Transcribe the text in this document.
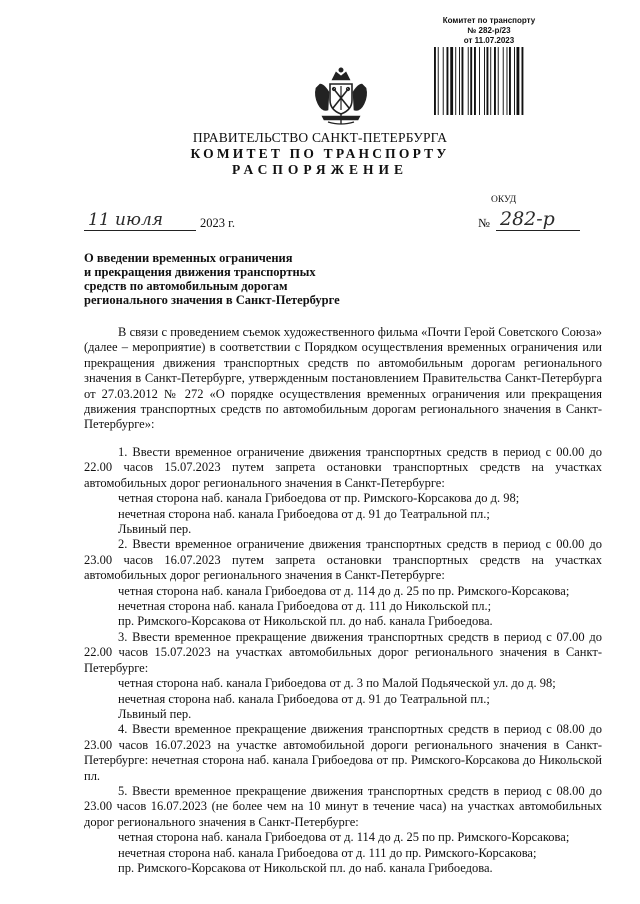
Комитет по транспорту
№ 282-р/23
от 11.07.2023
ПРАВИТЕЛЬСТВО САНКТ-ПЕТЕРБУРГА
КОМИТЕТ ПО ТРАНСПОРТУ
РАСПОРЯЖЕНИЕ
ОКУД
11 июля	2023 г.	№ 282-р
О введении временных ограничения
и прекращения движения транспортных
средств по автомобильным дорогам
регионального значения в Санкт-Петербурге

В связи с проведением съемок художественного фильма «Почти Герой Советского Союза» (далее – мероприятие) в соответствии с Порядком осуществления временных ограничения или прекращения движения транспортных средств по автомобильным дорогам регионального значения в Санкт-Петербурге, утвержденным постановлением Правительства Санкт-Петербурга от 27.03.2012 № 272 «О порядке осуществления временных ограничения или прекращения движения транспортных средств по автомобильным дорогам регионального значения в Санкт-Петербурге»:

1. Ввести временное ограничение движения транспортных средств в период с 00.00 до 22.00 часов 15.07.2023 путем запрета остановки транспортных средств на участках автомобильных дорог регионального значения в Санкт-Петербурге:

четная сторона наб. канала Грибоедова от пр. Римского-Корсакова до д. 98;
нечетная сторона наб. канала Грибоедова от д. 91 до Театральной пл.;
Львиный пер.

2. Ввести временное ограничение движения транспортных средств в период с 00.00 до 23.00 часов 16.07.2023 путем запрета остановки транспортных средств на участках автомобильных дорог регионального значения в Санкт-Петербурге:

четная сторона наб. канала Грибоедова от д. 114 до д. 25 по пр. Римского-Корсакова;
нечетная сторона наб. канала Грибоедова от д. 111 до Никольской пл.;
пр. Римского-Корсакова от Никольской пл. до наб. канала Грибоедова.

3. Ввести временное прекращение движения транспортных средств в период с 07.00 до 22.00 часов 15.07.2023 на участках автомобильных дорог регионального значения в Санкт-Петербурге:

четная сторона наб. канала Грибоедова от д. 3 по Малой Подьяческой ул. до д. 98;
нечетная сторона наб. канала Грибоедова от д. 91 до Театральной пл.;
Львиный пер.

4. Ввести временное прекращение движения транспортных средств в период с 08.00 до 23.00 часов 16.07.2023 на участке автомобильной дороги регионального значения в Санкт-Петербурге: нечетная сторона наб. канала Грибоедова от пр. Римского-Корсакова до Никольской пл.

5. Ввести временное прекращение движения транспортных средств в период с 08.00 до 23.00 часов 16.07.2023 (не более чем на 10 минут в течение часа) на участках автомобильных дорог регионального значения в Санкт-Петербурге:

четная сторона наб. канала Грибоедова от д. 114 до д. 25 по пр. Римского-Корсакова;
нечетная сторона наб. канала Грибоедова от д. 111 до пр. Римского-Корсакова;
пр. Римского-Корсакова от Никольской пл. до наб. канала Грибоедова.
